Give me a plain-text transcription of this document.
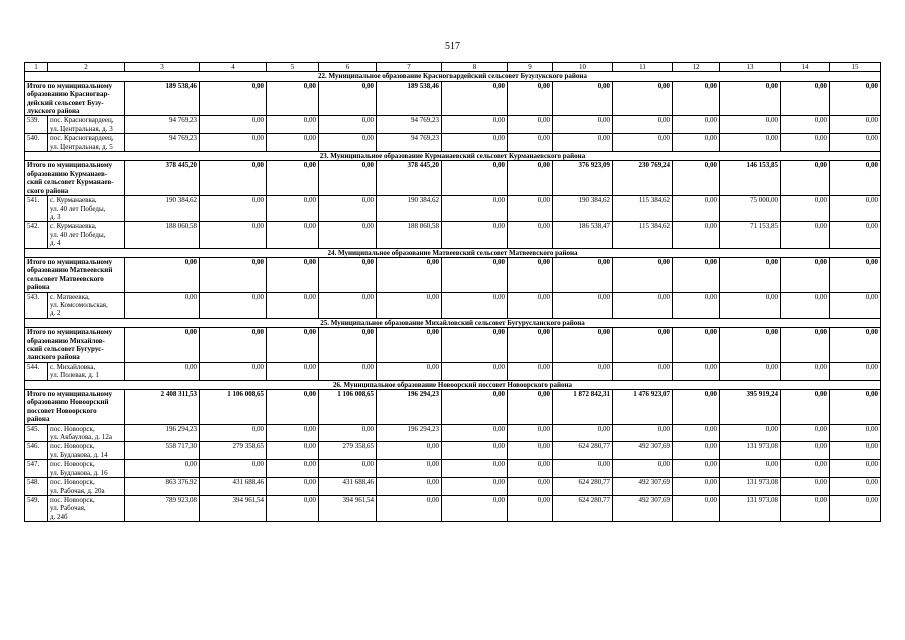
517
1	2	3	4	5	6	7	8	9	10	11	12	13	14	15
22. Муниципальное образование Красногвардейский сельсовет Бузулукского района														

Итого по муниципальному
образованию Красногвар-
дейский сельсовет Бузу-
лукского района		189 538,46	0,00	0,00	0,00	189 538,46	0,00	0,00	0,00	0,00	0,00	0,00	0,00	0,00
539.	пос. Красногвардеец,
ул. Центральная, д. 3	94 769,23	0,00	0,00	0,00	94 769,23	0,00	0,00	0,00	0,00	0,00	0,00	0,00	0,00
540.	пос. Красногвардеец,
ул. Центральная, д. 5	94 769,23	0,00	0,00	0,00	94 769,23	0,00	0,00	0,00	0,00	0,00	0,00	0,00	0,00
23. Муниципальное образование Курманаевский сельсовет Курманаевского района														

Итого по муниципальному
образованию Курманаев-
ский сельсовет Курманаев-
ского района		378 445,20	0,00	0,00	0,00	378 445,20	0,00	0,00	376 923,09	230 769,24	0,00	146 153,85	0,00	0,00
541.	с. Курманаевка,
ул. 40 лет Победы,
д. 3	190 384,62	0,00	0,00	0,00	190 384,62	0,00	0,00	190 384,62	115 384,62	0,00	75 000,00	0,00	0,00
542.	с. Курманаевка,
ул. 40 лет Победы,
д. 4	188 060,58	0,00	0,00	0,00	188 060,58	0,00	0,00	186 538,47	115 384,62	0,00	71 153,85	0,00	0,00
24. Муниципальное образование Матвеевский сельсовет Матвеевского района														

Итого по муниципальному
образованию Матвеевский
сельсовет Матвеевского
района		0,00	0,00	0,00	0,00	0,00	0,00	0,00	0,00	0,00	0,00	0,00	0,00	0,00
543.	с. Матвеевка,
ул. Комсомольская,
д. 2	0,00	0,00	0,00	0,00	0,00	0,00	0,00	0,00	0,00	0,00	0,00	0,00	0,00
25. Муниципальное образование Михайловский сельсовет Бугурусланского района														

Итого по муниципальному
образованию Михайлов-
ский сельсовет Бугурус-
ланского района		0,00	0,00	0,00	0,00	0,00	0,00	0,00	0,00	0,00	0,00	0,00	0,00	0,00
544.	с. Михайловка,
ул. Полевая, д. 1	0,00	0,00	0,00	0,00	0,00	0,00	0,00	0,00	0,00	0,00	0,00	0,00	0,00
26. Муниципальное образование Новоорский поссовет Новоорского района														

Итого по муниципальному
образованию Новоорский
поссовет Новоорского
района		2 408 311,53	1 106 008,65	0,00	1 106 008,65	196 294,23	0,00	0,00	1 872 842,31	1 476 923,07	0,00	395 919,24	0,00	0,00
545.	пос. Новоорск,
ул. Акбаулова, д. 12а	196 294,23	0,00	0,00	0,00	196 294,23	0,00	0,00	0,00	0,00	0,00	0,00	0,00	0,00
546.	пос. Новоорск,
ул. Будлакова, д. 14	558 717,30	279 358,65	0,00	279 358,65	0,00	0,00	0,00	624 280,77	492 307,69	0,00	131 973,08	0,00	0,00
547.	пос. Новоорск,
ул. Будлакова, д. 16	0,00	0,00	0,00	0,00	0,00	0,00	0,00	0,00	0,00	0,00	0,00	0,00	0,00
548.	пос. Новоорск,
ул. Рабочая, д. 20а	863 376,92	431 688,46	0,00	431 688,46	0,00	0,00	0,00	624 280,77	492 307,69	0,00	131 973,08	0,00	0,00
549.	пос. Новоорск,
ул. Рабочая,
д. 24б	789 923,08	394 961,54	0,00	394 961,54	0,00	0,00	0,00	624 280,77	492 307,69	0,00	131 973,08	0,00	0,00
